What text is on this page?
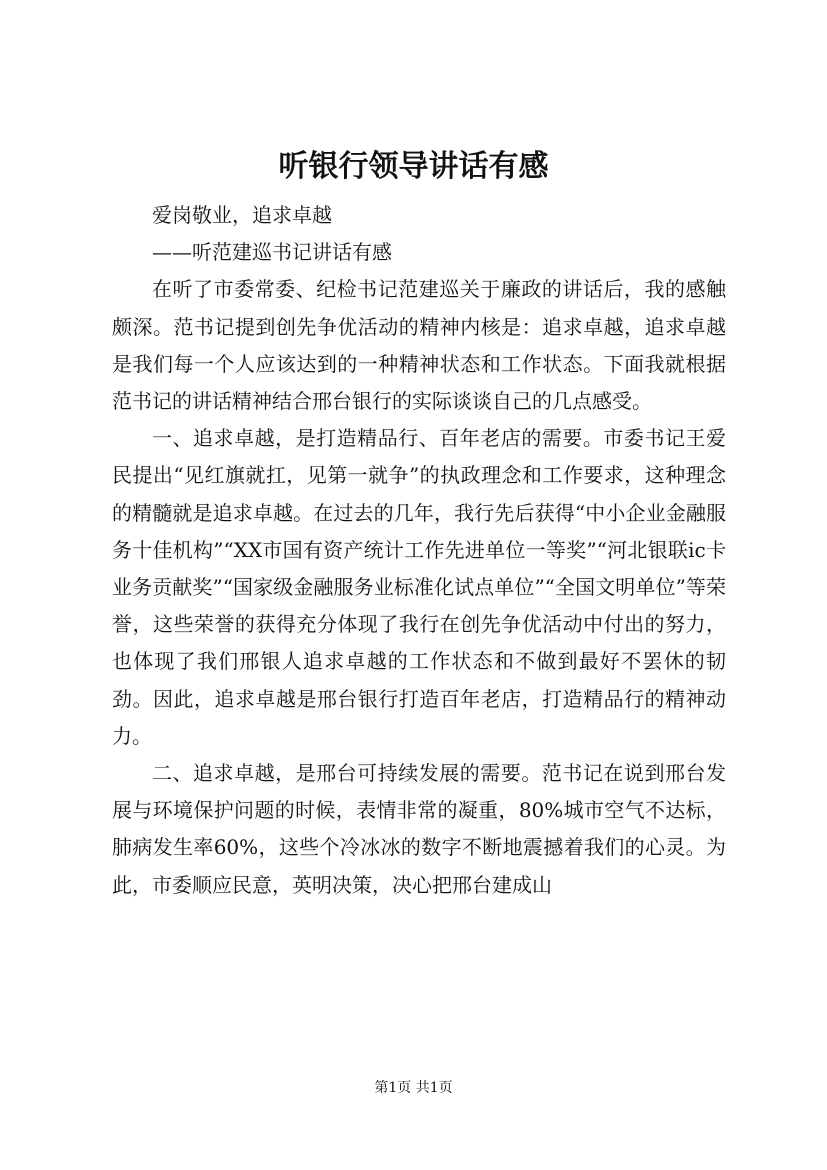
听银行领导讲话有感

爱岗敬业，追求卓越

——听范建巡书记讲话有感

在听了市委常委、纪检书记范建巡关于廉政的讲话后，我的感触颇深。范书记提到创先争优活动的精神内核是：追求卓越，追求卓越是我们每一个人应该达到的一种精神状态和工作状态。下面我就根据范书记的讲话精神结合邢台银行的实际谈谈自己的几点感受。

一、追求卓越，是打造精品行、百年老店的需要。市委书记王爱民提出“见红旗就扛，见第一就争”的执政理念和工作要求，这种理念的精髓就是追求卓越。在过去的几年，我行先后获得“中小企业金融服务十佳机构”“XX市国有资产统计工作先进单位一等奖”“河北银联ic卡业务贡献奖”“国家级金融服务业标准化试点单位”“全国文明单位”等荣誉，这些荣誉的获得充分体现了我行在创先争优活动中付出的努力，也体现了我们邢银人追求卓越的工作状态和不做到最好不罢休的韧劲。因此，追求卓越是邢台银行打造百年老店，打造精品行的精神动力。

二、追求卓越，是邢台可持续发展的需要。范书记在说到邢台发展与环境保护问题的时候，表情非常的凝重，80%城市空气不达标，肺病发生率60%，这些个冷冰冰的数字不断地震撼着我们的心灵。为此，市委顺应民意，英明决策，决心把邢台建成山

第1页 共1页
